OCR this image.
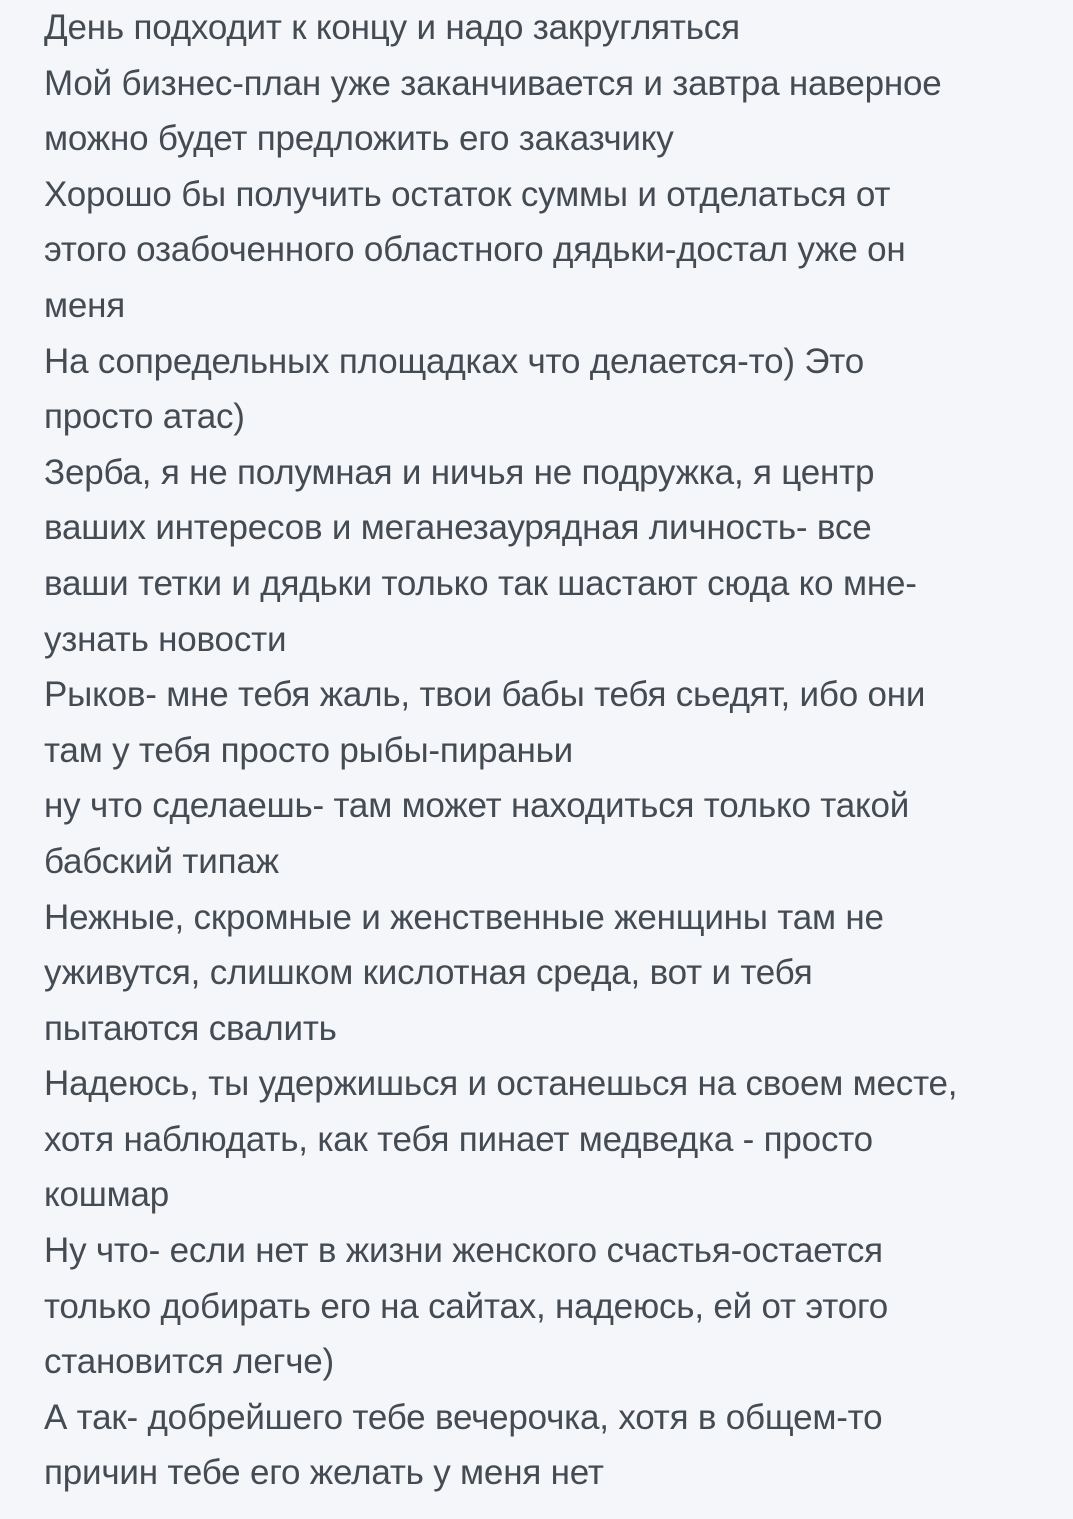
День подходит к концу и надо закругляться
Мой бизнес-план уже заканчивается и завтра наверное
можно будет предложить его заказчику
Хорошо бы получить остаток суммы и отделаться от
этого озабоченного областного дядьки-достал уже он
меня
На сопредельных площадках что делается-то) Это
просто атас)
Зерба, я не полумная и ничья не подружка, я центр
ваших интересов и меганезаурядная личность- все
ваши тетки и дядьки только так шастают сюда ко мне-
узнать новости
Рыков- мне тебя жаль, твои бабы тебя сьедят, ибо они
там у тебя просто рыбы-пираньи
ну что сделаешь- там может находиться только такой
бабский типаж
Нежные, скромные и женственные женщины там не
уживутся, слишком кислотная среда, вот и тебя
пытаются свалить
Надеюсь, ты удержишься и останешься на своем месте,
хотя наблюдать, как тебя пинает медведка - просто
кошмар
Ну что- если нет в жизни женского счастья-остается
только добирать его на сайтах, надеюсь, ей от этого
становится легче)
А так- добрейшего тебе вечерочка, хотя в общем-то
причин тебе его желать у меня нет
